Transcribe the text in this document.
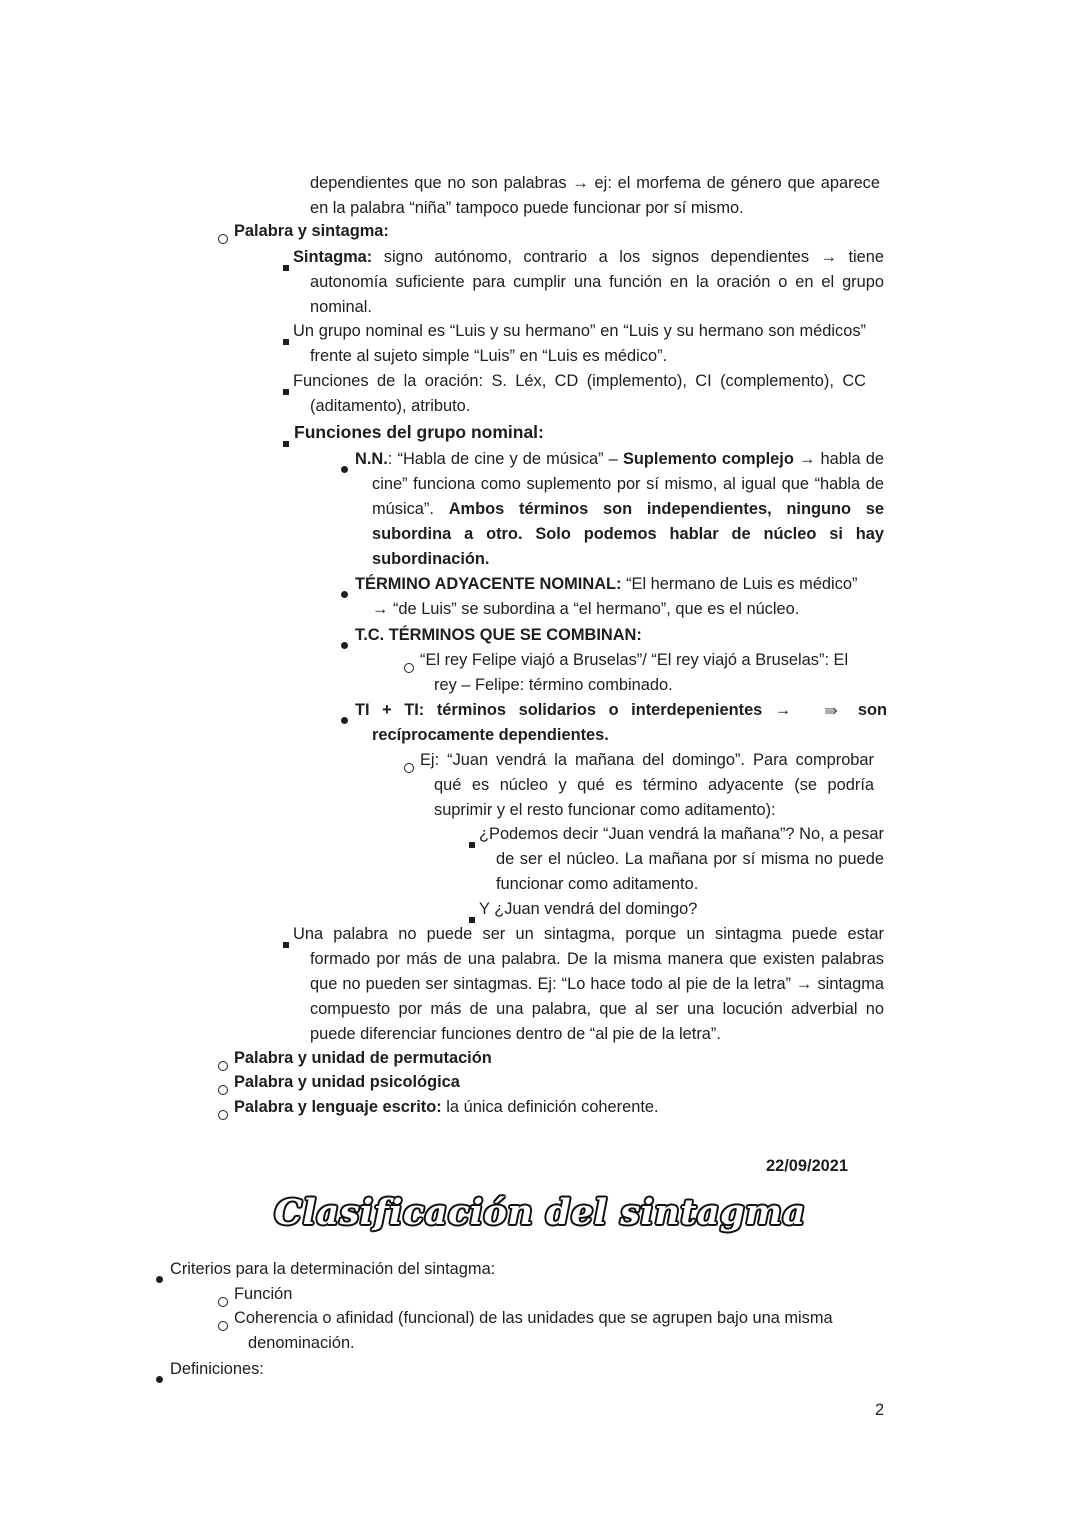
dependientes que no son palabras → ej: el morfema de género que aparece en la palabra “niña” tampoco puede funcionar por sí mismo.
Palabra y sintagma:
Sintagma: signo autónomo, contrario a los signos dependientes → tiene autonomía suficiente para cumplir una función en la oración o en el grupo nominal.
Un grupo nominal es “Luis y su hermano” en “Luis y su hermano son médicos” frente al sujeto simple “Luis” en “Luis es médico”.
Funciones de la oración: S. Léx, CD (implemento), CI (complemento), CC (aditamento), atributo.
Funciones del grupo nominal:
N.N.: “Habla de cine y de música” – Suplemento complejo → habla de cine” funciona como suplemento por sí mismo, al igual que “habla de música”. Ambos términos son independientes, ninguno se subordina a otro. Solo podemos hablar de núcleo si hay subordinación.
TÉRMINO ADYACENTE NOMINAL: “El hermano de Luis es médico” → “de Luis” se subordina a “el hermano”, que es el núcleo.
T.C. TÉRMINOS QUE SE COMBINAN:
“El rey Felipe viajó a Bruselas”/ “El rey viajó a Bruselas”: El rey – Felipe: término combinado.
TI + TI: términos solidarios o interdepenientes → ⇛ son
recíprocamente dependientes.
Ej: “Juan vendrá la mañana del domingo”. Para comprobar qué es núcleo y qué es término adyacente (se podría suprimir y el resto funcionar como aditamento):
¿Podemos decir “Juan vendrá la mañana”? No, a pesar de ser el núcleo. La mañana por sí misma no puede funcionar como aditamento.
Y ¿Juan vendrá del domingo?
Una palabra no puede ser un sintagma, porque un sintagma puede estar formado por más de una palabra. De la misma manera que existen palabras que no pueden ser sintagmas. Ej: “Lo hace todo al pie de la letra” → sintagma compuesto por más de una palabra, que al ser una locución adverbial no puede diferenciar funciones dentro de “al pie de la letra”.
Palabra y unidad de permutación
Palabra y unidad psicológica
Palabra y lenguaje escrito: la única definición coherente.
22/09/2021
Clasificación del sintagma
Criterios para la determinación del sintagma:
Función
Coherencia o afinidad (funcional) de las unidades que se agrupen bajo una misma denominación.
Definiciones:
2
